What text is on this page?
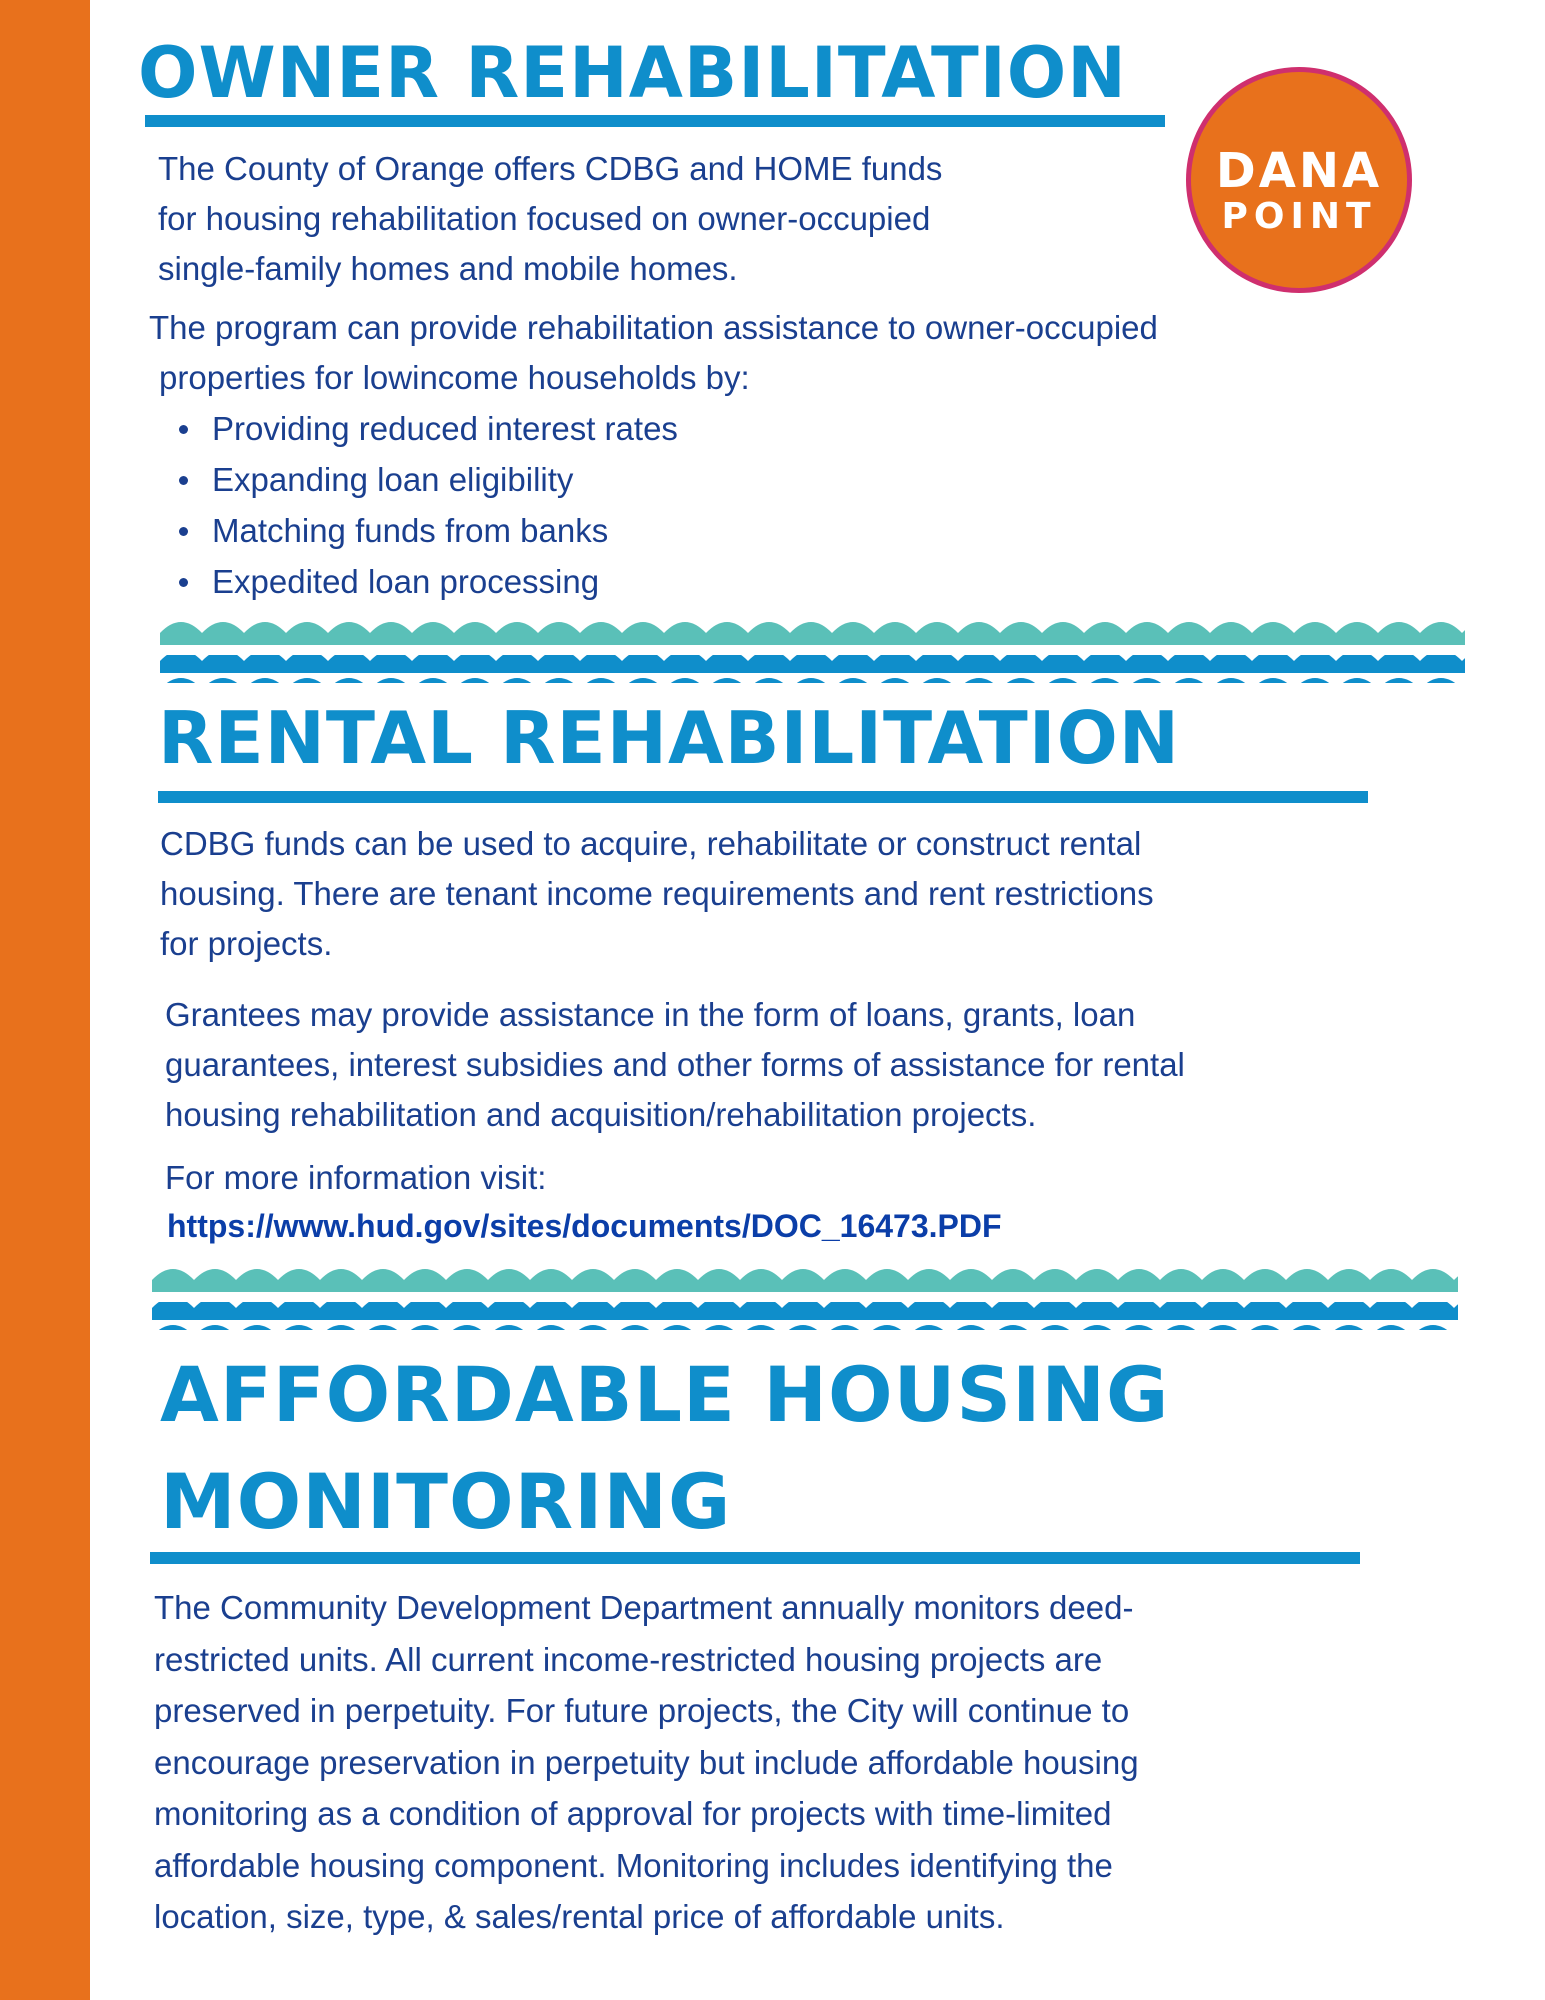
OWNER REHABILITATION
DANA
POINT

The County of Orange offers CDBG and HOME funds
for housing rehabilitation focused on owner-occupied
single-family homes and mobile homes.

The program can provide rehabilitation assistance to owner-occupied
properties for lowincome households by:

Providing reduced interest rates
Expanding loan eligibility
Matching funds from banks
Expedited loan processing
RENTAL REHABILITATION

CDBG funds can be used to acquire, rehabilitate or construct rental
housing. There are tenant income requirements and rent restrictions
for projects.

Grantees may provide assistance in the form of loans, grants, loan
guarantees, interest subsidies and other forms of assistance for rental
housing rehabilitation and acquisition/rehabilitation projects.

For more information visit:
https://www.hud.gov/sites/documents/DOC_16473.PDF
AFFORDABLE HOUSING
MONITORING

The Community Development Department annually monitors deed-
restricted units. All current income-restricted housing projects are
preserved in perpetuity. For future projects, the City will continue to
encourage preservation in perpetuity but include affordable housing
monitoring as a condition of approval for projects with time-limited
affordable housing component. Monitoring includes identifying the
location, size, type, & sales/rental price of affordable units.
